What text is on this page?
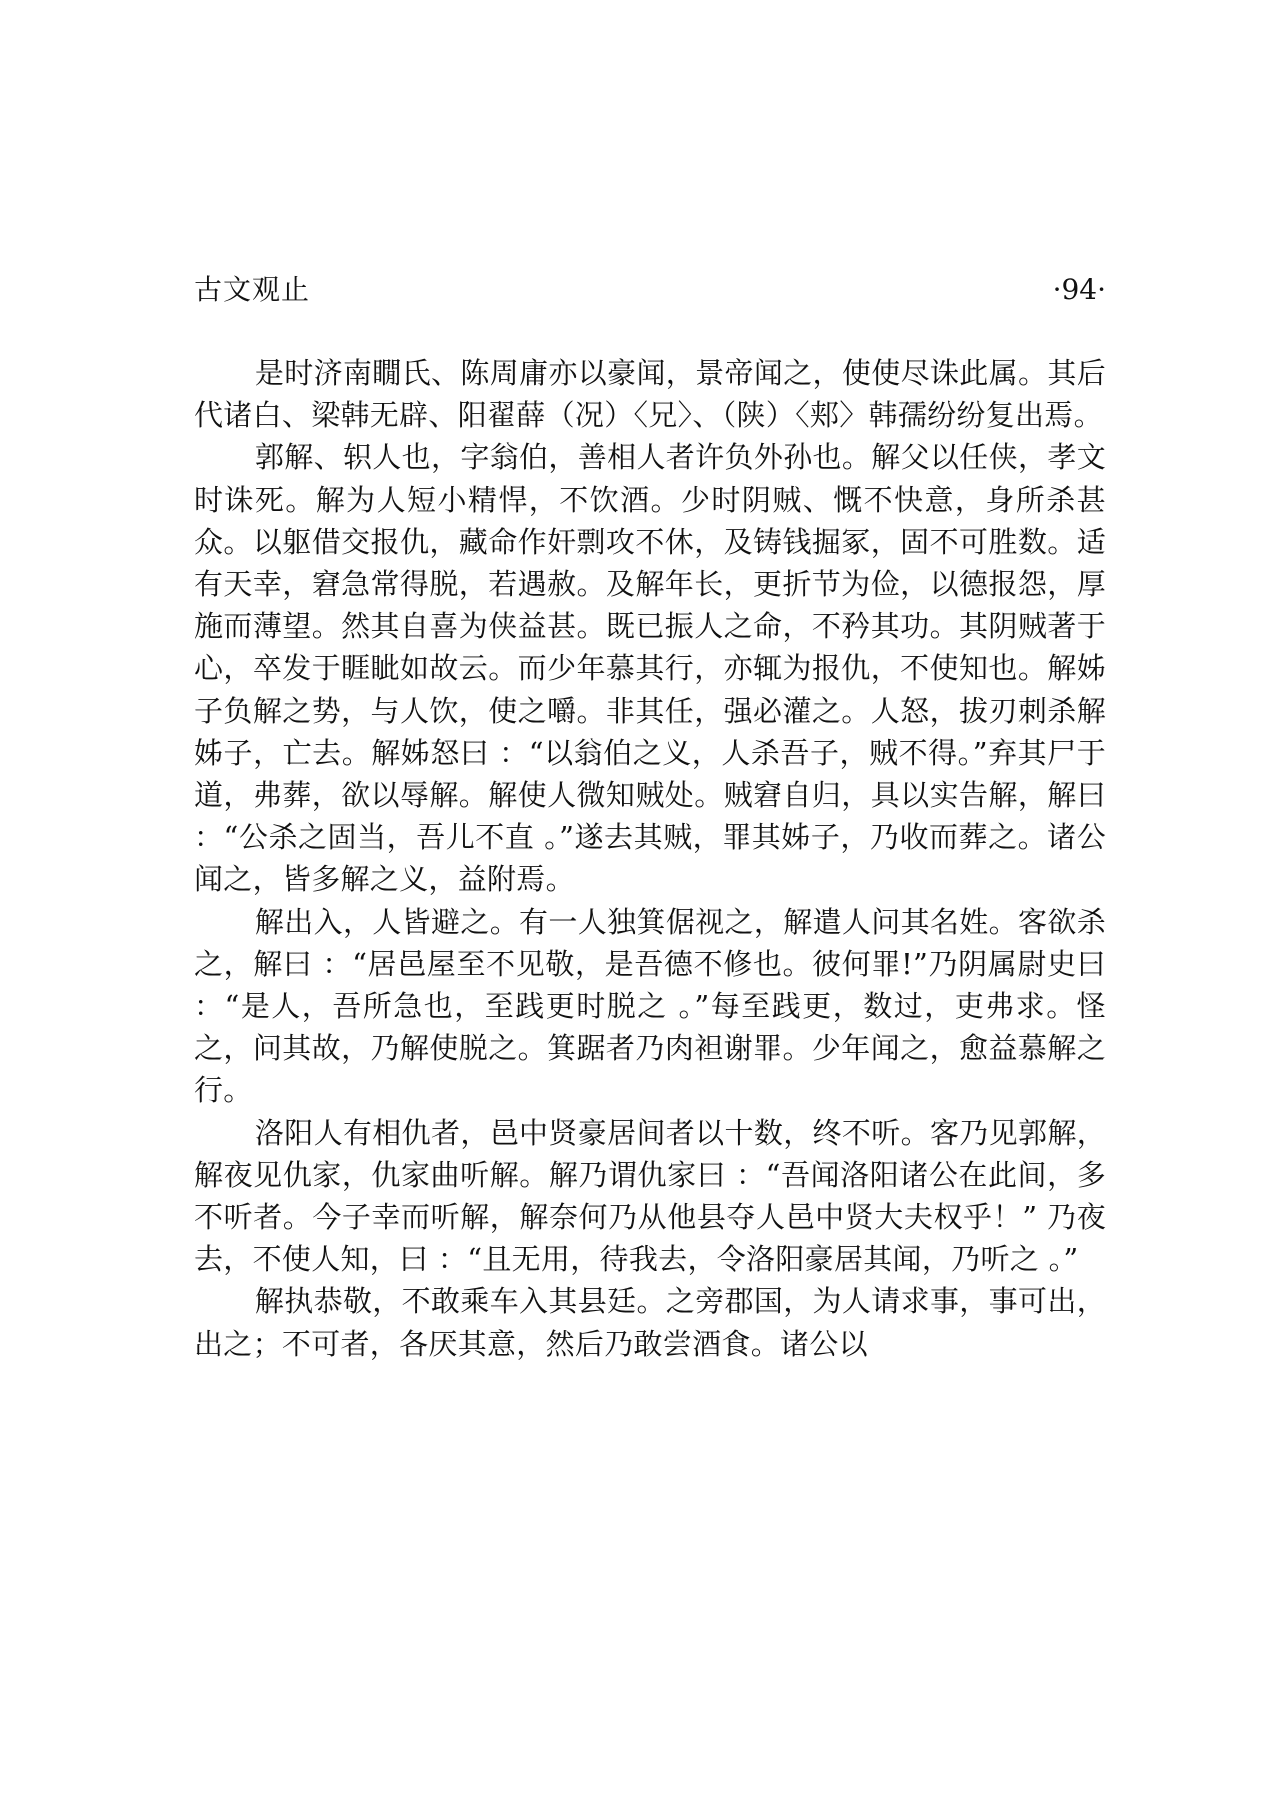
古文观止	·94·

是时济南瞯氏、陈周庸亦以豪闻，景帝闻之，使使尽诛此属。其后代诸白、梁韩无辟、阳翟薛（况）〈兄〉、（陕）〈郏〉韩孺纷纷复出焉。

郭解、轵人也，字翁伯，善相人者许负外孙也。解父以任侠，孝文时诛死。解为人短小精悍，不饮酒。少时阴贼、慨不快意，身所杀甚众。以躯借交报仇，藏命作奸剽攻不休，及铸钱掘冢，固不可胜数。适有天幸，窘急常得脱，若遇赦。及解年长，更折节为俭，以德报怨，厚施而薄望。然其自喜为侠益甚。既已振人之命，不矜其功。其阴贼著于心，卒发于睚眦如故云。而少年慕其行，亦辄为报仇，不使知也。解姊子负解之势，与人饮，使之嚼。非其任，强必灌之。人怒，拔刃刺杀解姊子，亡去。解姊怒曰 ：“以翁伯之义，人杀吾子，贼不得。”弃其尸于道，弗葬，欲以辱解。解使人微知贼处。贼窘自归，具以实告解，解曰 ：“公杀之固当，吾儿不直 。”遂去其贼，罪其姊子，乃收而葬之。诸公闻之，皆多解之义，益附焉。

解出入，人皆避之。有一人独箕倨视之，解遣人问其名姓。客欲杀之，解曰 ：“居邑屋至不见敬，是吾德不修也。彼何罪!”乃阴属尉史曰 ：“是人，吾所急也，至践更时脱之 。”每至践更，数过，吏弗求。怪之，问其故，乃解使脱之。箕踞者乃肉袒谢罪。少年闻之，愈益慕解之行。

洛阳人有相仇者，邑中贤豪居间者以十数，终不听。客乃见郭解，解夜见仇家，仇家曲听解。解乃谓仇家曰 ：“吾闻洛阳诸公在此间，多不听者。今子幸而听解，解奈何乃从他县夺人邑中贤大夫权乎！” 乃夜去，不使人知，曰 ：“且无用，待我去，令洛阳豪居其闻，乃听之 。”

解执恭敬，不敢乘车入其县廷。之旁郡国，为人请求事，事可出，出之；不可者，各厌其意，然后乃敢尝酒食。诸公以
